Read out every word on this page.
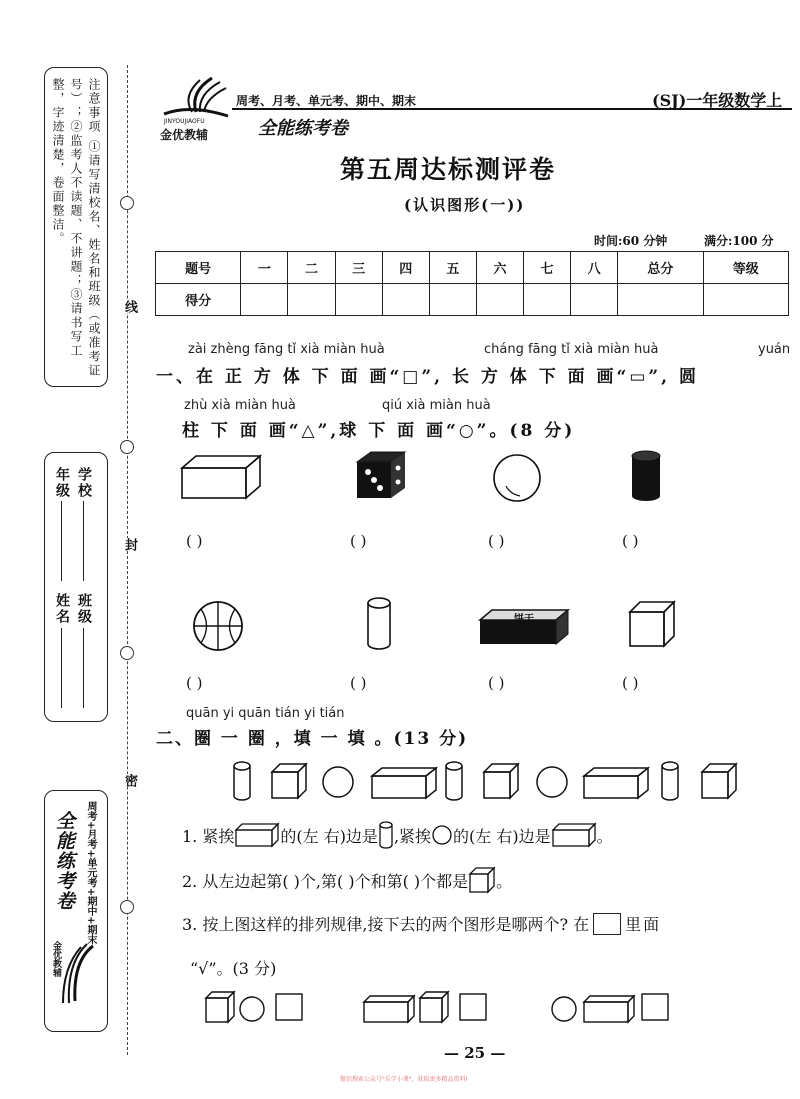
注意事项 ①请写清校名、姓名和班级（或准考证号）；②监考人不读题、不讲题；③请书写工整，字迹清楚，卷面整洁。
学校
班级
年级
姓名
周考+月考+单元考+期中+期末
全能练考卷
金优教辅
线
封
密
JINYOUJIAOFU
金优教辅
周考、月考、单元考、期中、期末
全能练考卷
(SJ)一年级数学上
第五周达标测评卷
(认识图形(一))
时间:60 分钟	满分:100 分
题号	一	二	三	四	五	六	七	八	总分	等级
得分										
zài zhèng fāng tǐ xià miàn huà	cháng fāng tǐ xià miàn huà	yuán
一、在 正 方 体 下 面 画“□”, 长 方 体 下 面 画“▭”, 圆
zhù xià miàn huà	qiú xià miàn huà
柱 下 面 画“△”,球 下 面 画“○”。(8 分)
( )	( )	( )	( )
饼干
( )	( )	( )	( )
quān yi quān tián yi tián
二、圈 一 圈 ，填 一 填 。(13 分)
1. 紧挨	的(左 右)边是 ,紧挨 的(左 右)边是	。
2. 从左边起第( )个,第( )个和第( )个都是 。
3. 按上图这样的排列规律,接下去的两个图形是哪两个? 在 里面
“√”。(3 分)
— 25 —
微信搜索公众号"乐学小课"，获取更多精品资料!
